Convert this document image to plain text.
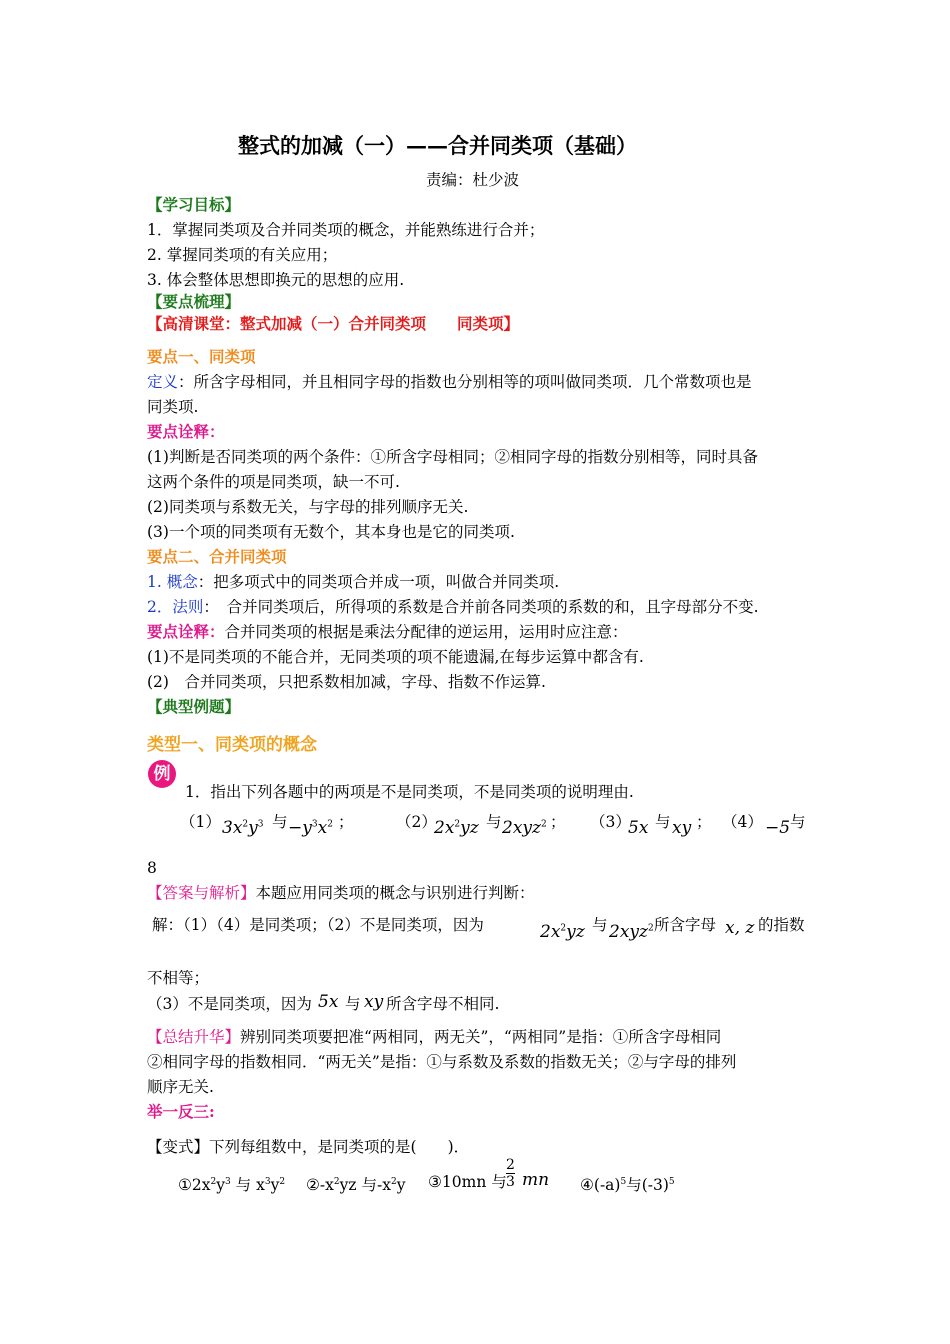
整式的加减（一）——合并同类项（基础）
责编：杜少波
【学习目标】
1．掌握同类项及合并同类项的概念，并能熟练进行合并；
2. 掌握同类项的有关应用；
3. 体会整体思想即换元的思想的应用.
【要点梳理】
【高清课堂：整式加减（一）合并同类项　　同类项】
要点一、同类项
定义：所含字母相同，并且相同字母的指数也分别相等的项叫做同类项．几个常数项也是
同类项.
要点诠释：
(1)判断是否同类项的两个条件：①所含字母相同；②相同字母的指数分别相等，同时具备
这两个条件的项是同类项，缺一不可.
(2)同类项与系数无关，与字母的排列顺序无关.
(3)一个项的同类项有无数个，其本身也是它的同类项.
要点二、合并同类项
1. 概念：把多项式中的同类项合并成一项，叫做合并同类项.
2．法则：　合并同类项后，所得项的系数是合并前各同类项的系数的和，且字母部分不变.
要点诠释：合并同类项的根据是乘法分配律的逆运用，运用时应注意：
(1)不是同类项的不能合并，无同类项的项不能遗漏,在每步运算中都含有.
(2)　合并同类项，只把系数相加减，字母、指数不作运算.
【典型例题】
类型一、同类项的概念
例
1．指出下列各题中的两项是不是同类项，不是同类项的说明理由.
（1） $3x^2y^3$ 与 $-y^3x^2$ ；	（2）
$2x^2yz$ 与 2xyz$^2$ ； （3）
5x 与 xy ； （4） −5 与
8
【答案与解析】本题应用同类项的概念与识别进行判断：
解：（1）（4）是同类项；（2）不是同类项，因为	$2x^2yz$ 与 2xyz$^2$ 所含字母 x, z 的指数
不相等；
（3）不是同类项，因为 5x 与 xy 所含字母不相同.
【总结升华】辨别同类项要把准“两相同，两无关”，“两相同”是指：①所含字母相同
②相同字母的指数相同．“两无关”是指：①与系数及系数的指数无关；②与字母的排列
顺序无关.
举一反三:
【变式】下列每组数中，是同类项的是(　　)．
$①2x^2y^3$ 与 $x^3y^2$ $②-x^2yz$ 与$-x^2y$ ③10mn 与 $\frac{2}{3}$ mn $④(-a)^5$与$(-3)^5$
